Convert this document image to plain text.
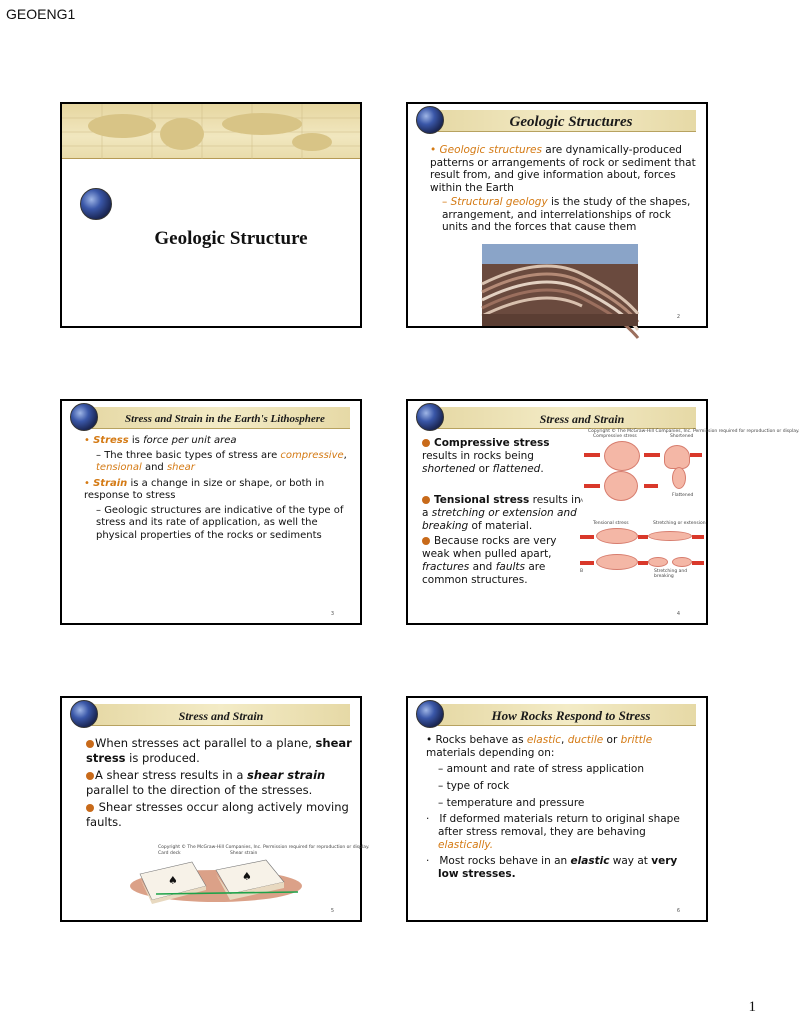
GEOENG1
Geologic Structure
Geologic Structures
• Geologic structures are dynamically-produced patterns or arrangements of rock or sediment that result from, and give information about, forces within the Earth
– Structural geology is the study of the shapes, arrangement, and interrelationships of rock units and the forces that cause them
2
Stress and Strain in the Earth's Lithosphere
• Stress is force per unit area
– The three basic types of stress are compressive, tensional and shear
• Strain is a change in size or shape, or both in response to stress
– Geologic structures are indicative of the type of stress and its rate of application, as well the physical properties of the rocks or sediments
3
Stress and Strain
Compressive stress results in rocks being shortened or flattened.
Tensional stress results in a stretching or extension and breaking of material.
Because rocks are very weak when pulled apart, fractures and faults are common structures.
Copyright © The McGraw-Hill Companies, Inc. Permission required for reproduction or display.
Compressive stress	Shortened
Flattened
A
Tensional stress	Stretching or extension
B	Stretching and breaking
4
Stress and Strain
When stresses act parallel to a plane, shear stress is produced.
A shear stress results in a shear strain parallel to the direction of the stresses.
Shear stresses occur along actively moving faults.
Copyright © The McGraw-Hill Companies, Inc. Permission required for reproduction or display.
Card deck	Shear strain
♠	♠
5
How Rocks Respond to Stress
• Rocks behave as elastic, ductile or brittle materials depending on:
– amount and rate of stress application
– type of rock
– temperature and pressure
·   If deformed materials return to original shape after stress removal, they are behaving elastically.
·   Most rocks behave in an elastic way at very low stresses.
6
1
